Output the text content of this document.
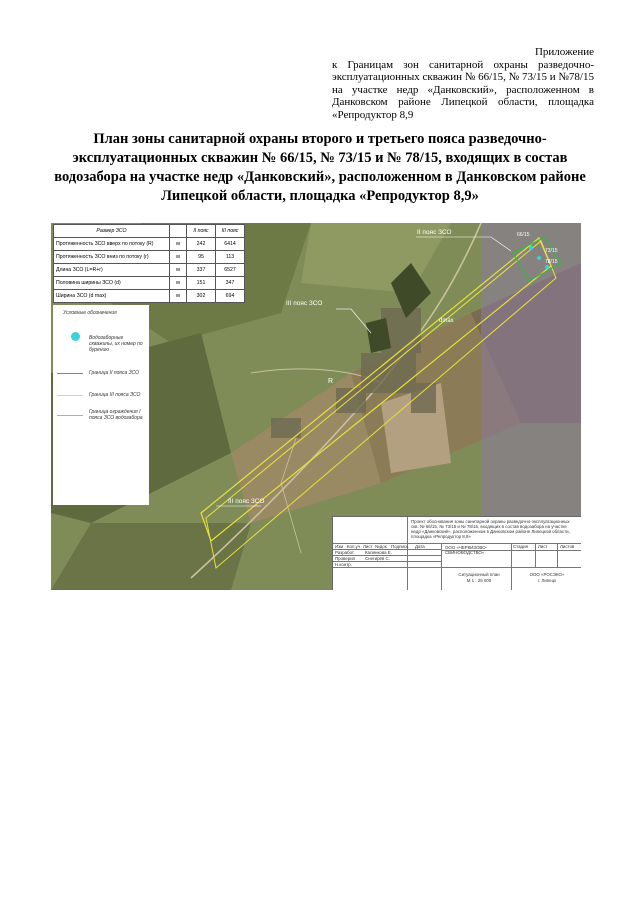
Приложение
к Границам зон санитарной охраны разведочно-эксплуатационных скважин № 66/15, № 73/15 и №78/15 на участке недр «Данковский», расположенном в Данковском районе Липецкой области, площадка «Репродуктор 8,9
План зоны санитарной охраны второго и третьего пояса разведочно-эксплуатационных скважин № 66/15, № 73/15 и № 78/15, входящих в состав водозабора на участке недр «Данковский», расположенном в Данковском районе Липецкой области, площадка «Репродуктор 8,9»
II пояс ЗСО
III пояс ЗСО
III пояс ЗСО
66/15
73/15
78/15
dmax
R
Размер ЗСО		II пояс	III пояс
Протяженность ЗСО вверх по потоку (R)	м	242	6414
Протяженность ЗСО вниз по потоку (r)	м	95	113
Длина ЗСО (L=R+r)	м	337	6527
Половина ширины ЗСО (d)	м	151	347
Ширина ЗСО (d max)	м	302	694
Условные обозначения
Водозаборные скважины, их номер по бурению
Граница II пояса ЗСО
Граница III пояса ЗСО
Граница ограждения I пояса ЗСО водозабора
Проект обоснования зоны санитарной охраны разведочно-эксплуатационных скв. № 66/15, № 73/15 и № 78/15, входящих в состав водозабора на участке недр «Данковский», расположенном в Данковском районе Липецкой области, площадка «Репродуктор 8,9»
ООО «ЧЕРКИЗОВО-СВИНОВОДСТВО»
Изм Кол.уч Лист №док Подпись Дата
Разработ.
Проверил
Н.контр.
Калинкова Е.
Снегирёв С.
Стадия Лист	Листов
Ситуационный план
М 1 : 25 000
ООО «РОСЭКО»
г. Липецк
